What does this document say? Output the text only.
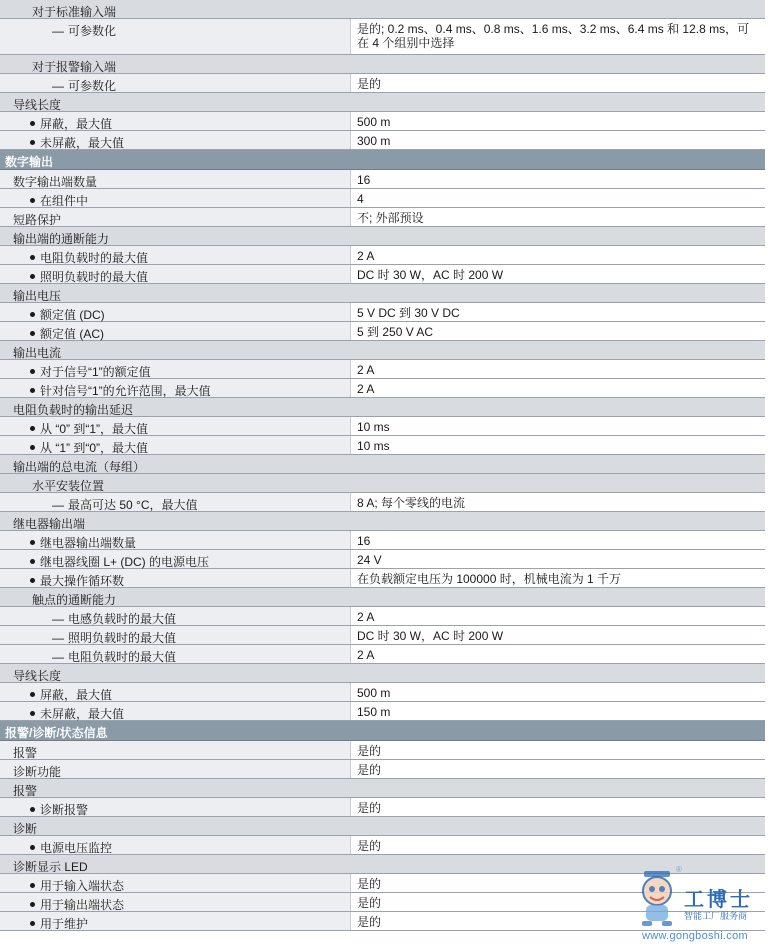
对于标准输入端
— 可参数化	是的; 0.2 ms、0.4 ms、0.8 ms、1.6 ms、3.2 ms、6.4 ms 和 12.8 ms，可在 4 个组别中选择
对于报警输入端
— 可参数化	是的
导线长度
屏蔽，最大值	500 m
未屏蔽，最大值	300 m
数字输出
数字输出端数量	16
在组件中	4
短路保护	不; 外部预设
输出端的通断能力
电阻负载时的最大值	2 A
照明负载时的最大值	DC 时 30 W，AC 时 200 W
输出电压
额定值 (DC)	5 V DC 到 30 V DC
额定值 (AC)	5 到 250 V AC
输出电流
对于信号“1”的额定值	2 A
针对信号“1”的允许范围，最大值	2 A
电阻负载时的输出延迟
从 “0” 到“1”，最大值	10 ms
从 “1” 到“0”，最大值	10 ms
输出端的总电流（每组）
水平安装位置
— 最高可达 50 °C，最大值	8 A; 每个零线的电流
继电器输出端
继电器输出端数量	16
继电器线圈 L+ (DC) 的电源电压	24 V
最大操作循环数	在负载额定电压为 100000 时，机械电流为 1 千万
触点的通断能力
— 电感负载时的最大值	2 A
— 照明负载时的最大值	DC 时 30 W，AC 时 200 W
— 电阻负载时的最大值	2 A
导线长度
屏蔽，最大值	500 m
未屏蔽，最大值	150 m
报警/诊断/状态信息
报警	是的
诊断功能	是的
报警
诊断报警	是的
诊断
电源电压监控	是的
诊断显示 LED
用于输入端状态	是的
用于输出端状态	是的
用于维护	是的
®
工博士
智能工厂服务商
www.gongboshi.com
